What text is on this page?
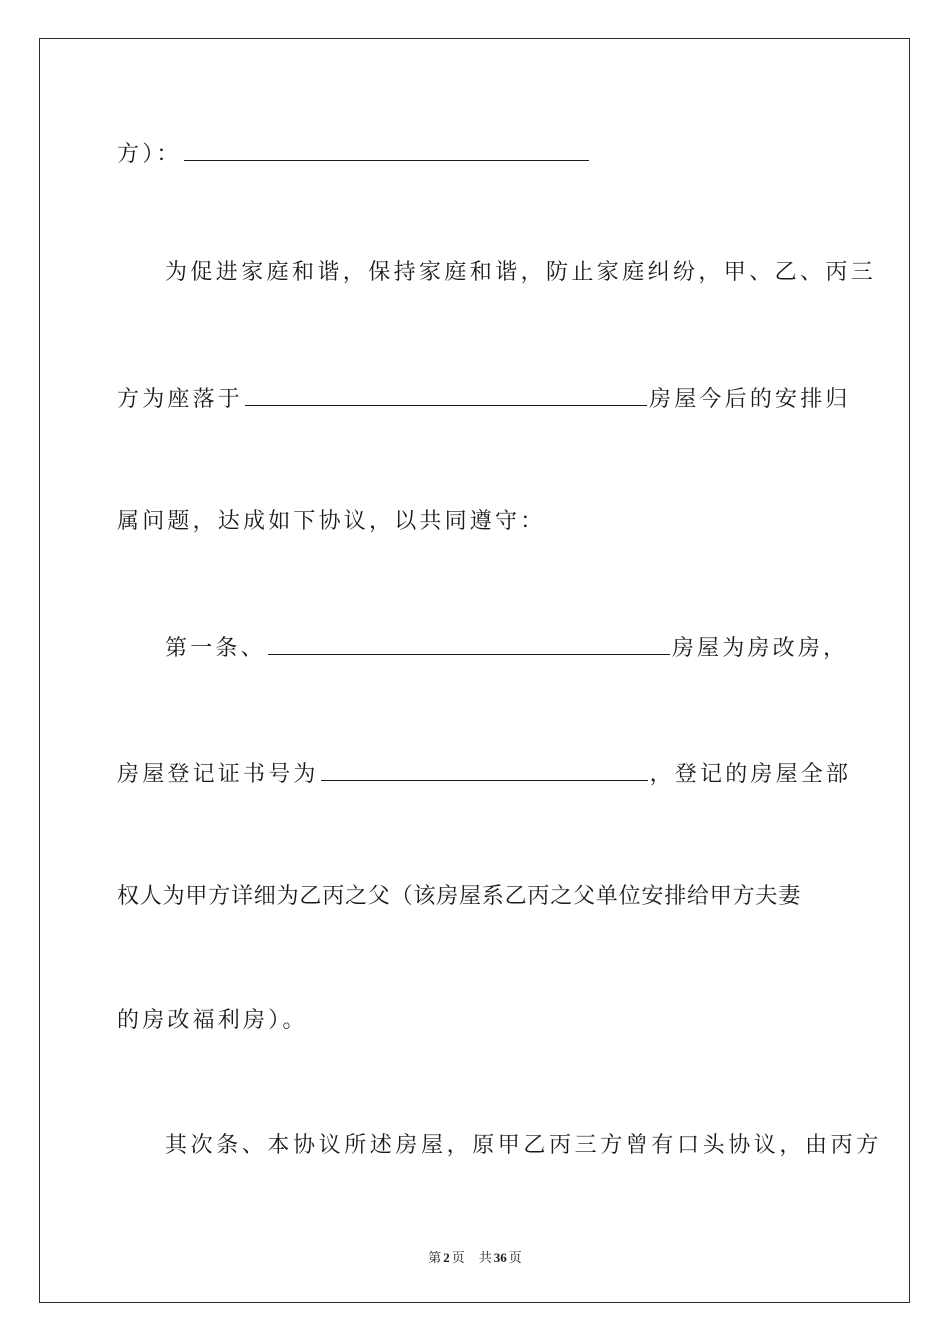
方）：
为促进家庭和谐，保持家庭和谐，防止家庭纠纷，甲、乙、丙三
方为座落于	房屋今后的安排归
属问题，达成如下协议，以共同遵守：
第一条、	房屋为房改房，
房屋登记证书号为	，登记的房屋全部
权人为甲方详细为乙丙之父（该房屋系乙丙之父单位安排给甲方夫妻
的房改福利房）。
其次条、本协议所述房屋，原甲乙丙三方曾有口头协议，由丙方
第 2 页 共 36 页
